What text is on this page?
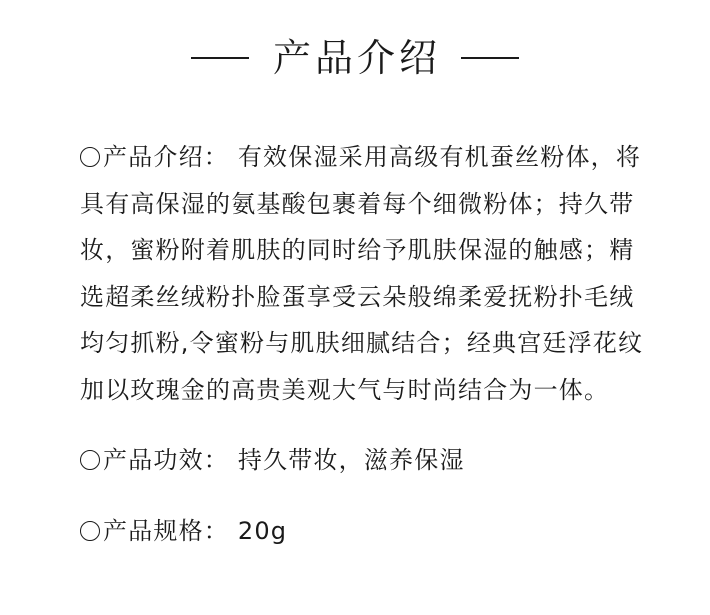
产品介绍

产品介绍： 有效保湿采用高级有机蚕丝粉体，将具有高保湿的氨基酸包裹着每个细微粉体；持久带妆，蜜粉附着肌肤的同时给予肌肤保湿的触感；精选超柔丝绒粉扑脸蛋享受云朵般绵柔爱抚粉扑毛绒均匀抓粉,令蜜粉与肌肤细腻结合；经典宫廷浮花纹加以玫瑰金的高贵美观大气与时尚结合为一体。

产品功效： 持久带妆，滋养保湿

产品规格： 20g
